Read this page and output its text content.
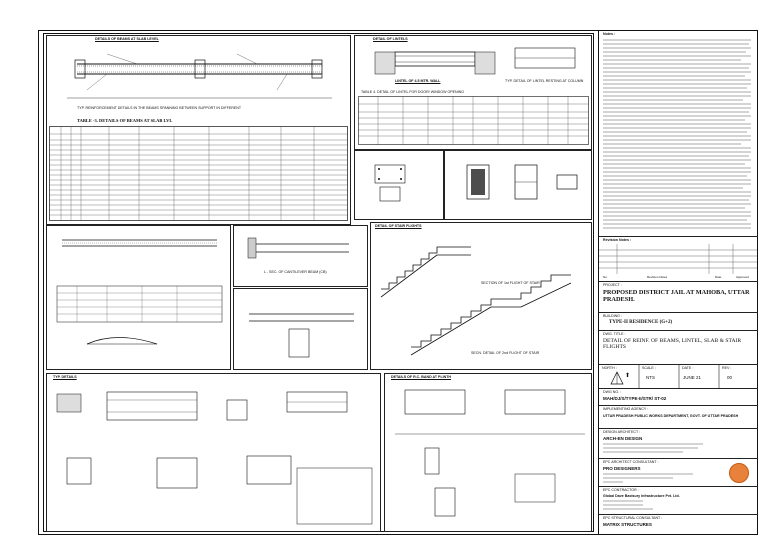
DETAILS OF BEAMS AT SLAB LEVEL
TYP. REINFORCEMENT DETAILS IN THE BEAMS SPANNING BETWEEN SUPPORT IN DIFFERENT
TABLE -3. DETAILS OF BEAMS AT SLAB LVL
DETAIL OF LINTELS
LINTEL OF 4.5 MTR. WALL	TYP. DETAIL OF LINTEL RESTING AT COLUMN
TABLE 4. DETAIL OF LINTEL FOR DOOR/ WINDOW OPENING
L - SEC. OF CANTILEVER BEAM (CB)
DETAIL OF STAIR FLIGHTS
SECTION OF 1st FLIGHT OF STAIR
SECN. DETAIL OF 2nd FLIGHT OF STAIR
TYP. DETAILS	DETAILS OF R.C. BAND AT PLINTH
Notes :
Revision Notes :
No.	Revision Notes	Date	Approved
PROJECT :
PROPOSED DISTRICT JAIL AT MAHOBA, UTTAR PRADESH.
BUILDING :
TYPE-II RESIDENCE (G+2)
DWG. TITLE :
DETAIL OF REINF. OF BEAMS, LINTEL, SLAB & STAIR FLIGHTS
NORTH :
⬆
SCALE :
NTS
DATE :
JUNE 21
REV :
00
DWG NO. :
MAH/DJ/S/TYPE-II/STR/ ST-02
IMPLEMENTING AGENCY :
UTTAR PRADESH PUBLIC WORKS DEPARTMENT, GOVT. OF UTTAR PRADESH
DESIGN ARCHITECT :
ARCH-EN DESIGN
EPC ARCHITECT CONSULTANT :
PRO DESIGNERS
EPC CONTRACTOR :
Global Dave Bastsury Infrastructure Pvt. Ltd.
EPC STRUCTURAL CONSULTANT :
MATRIX STRUCTURES
